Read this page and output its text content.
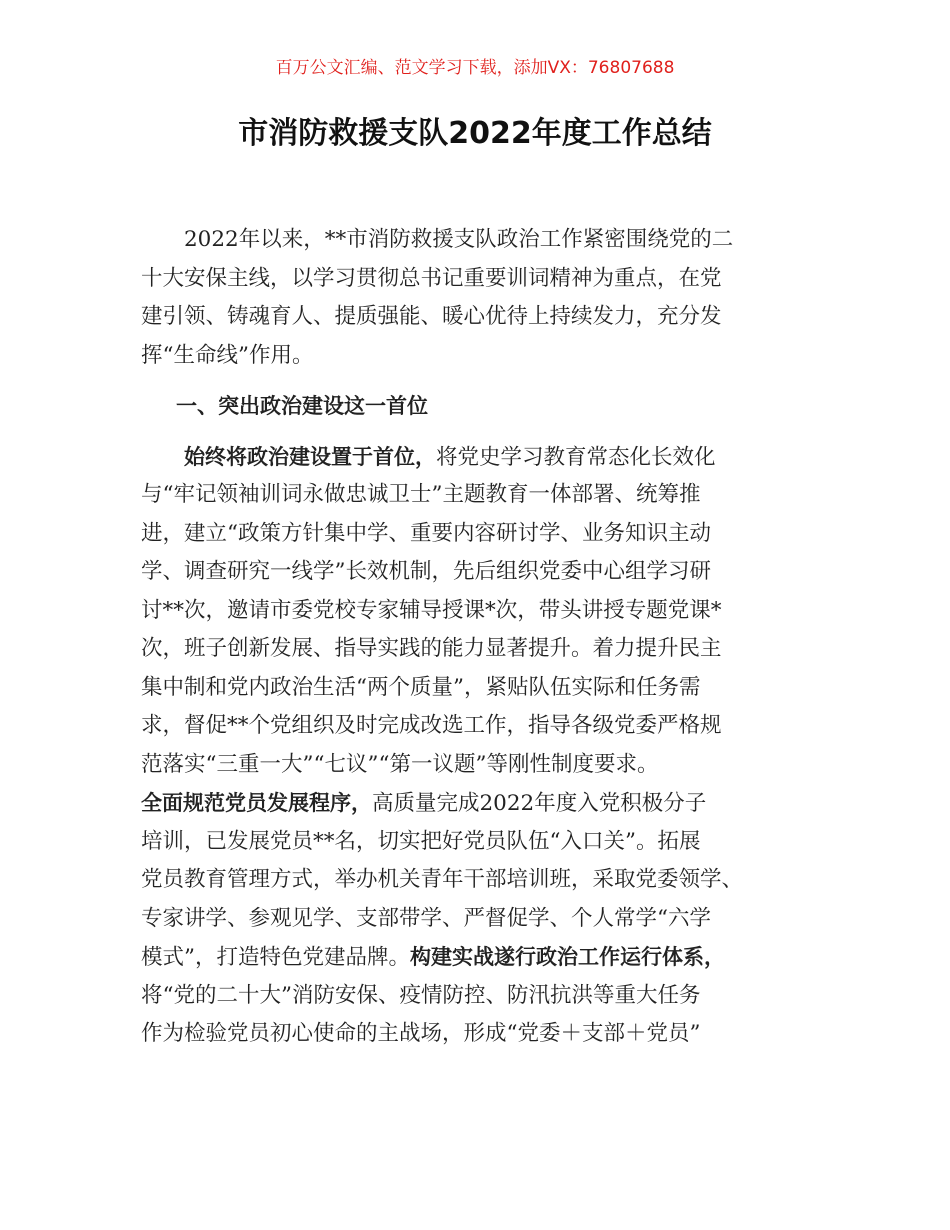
百万公文汇编、范文学习下载，添加VX：76807688
市消防救援支队2022年度工作总结
2022年以来，**市消防救援支队政治工作紧密围绕党的二
十大安保主线，以学习贯彻总书记重要训词精神为重点，在党
建引领、铸魂育人、提质强能、暖心优待上持续发力，充分发
挥“生命线”作用。
一、突出政治建设这一首位
始终将政治建设置于首位，将党史学习教育常态化长效化
与“牢记领袖训词永做忠诚卫士”主题教育一体部署、统筹推
进，建立“政策方针集中学、重要内容研讨学、业务知识主动
学、调查研究一线学”长效机制，先后组织党委中心组学习研
讨**次，邀请市委党校专家辅导授课*次，带头讲授专题党课*
次，班子创新发展、指导实践的能力显著提升。着力提升民主
集中制和党内政治生活“两个质量”，紧贴队伍实际和任务需
求，督促**个党组织及时完成改选工作，指导各级党委严格规
范落实“三重一大”“七议”“第一议题”等刚性制度要求。
全面规范党员发展程序，高质量完成2022年度入党积极分子
培训，已发展党员**名，切实把好党员队伍“入口关”。拓展
党员教育管理方式，举办机关青年干部培训班，采取党委领学、
专家讲学、参观见学、支部带学、严督促学、个人常学“六学
模式”，打造特色党建品牌。构建实战遂行政治工作运行体系，
将“党的二十大”消防安保、疫情防控、防汛抗洪等重大任务
作为检验党员初心使命的主战场，形成“党委＋支部＋党员”
